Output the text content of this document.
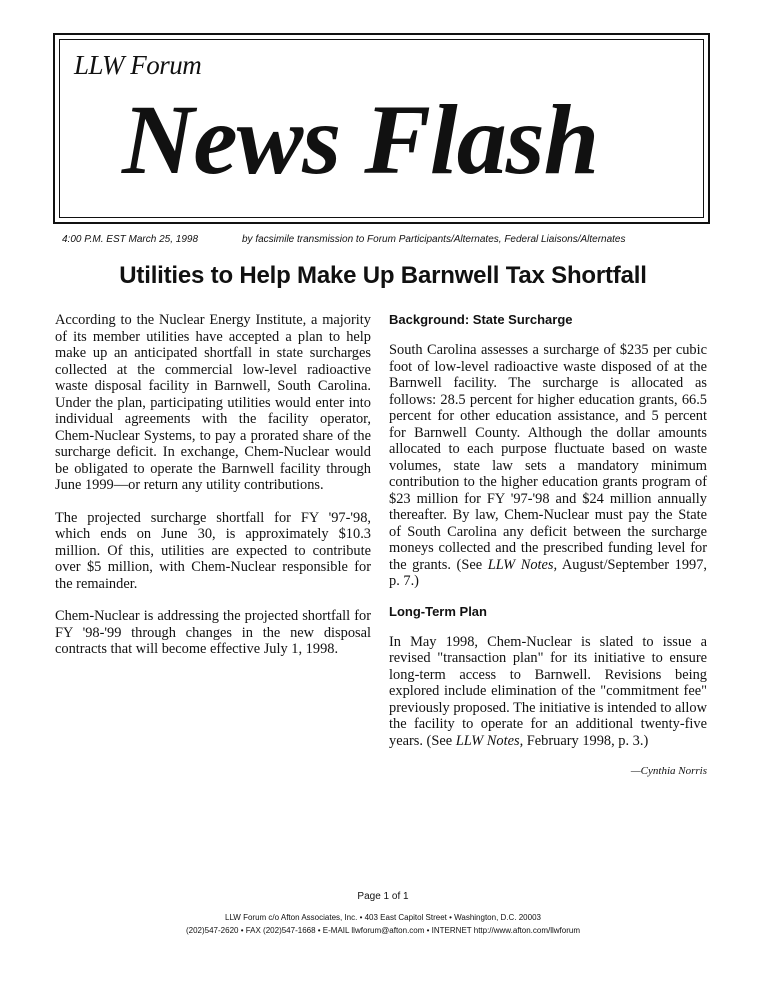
LLW Forum
News Flash
4:00 P.M. EST March 25, 1998	by facsimile transmission to Forum Participants/Alternates, Federal Liaisons/Alternates
Utilities to Help Make Up Barnwell Tax Shortfall

According to the Nuclear Energy Institute, a majority of its member utilities have accepted a plan to help make up an anticipated shortfall in state surcharges collected at the commercial low-level radioactive waste disposal facility in Barnwell, South Carolina. Under the plan, participating utilities would enter into individual agreements with the facility operator, Chem-Nuclear Systems, to pay a prorated share of the surcharge deficit. In exchange, Chem-Nuclear would be obligated to operate the Barnwell facility through June 1999—or return any utility contributions.

The projected surcharge shortfall for FY '97-'98, which ends on June 30, is approximately $10.3 million. Of this, utilities are expected to contribute over $5 million, with Chem-Nuclear responsible for the remainder.

Chem-Nuclear is addressing the projected shortfall for FY '98-'99 through changes in the new disposal contracts that will become effective July 1, 1998.

Background: State Surcharge

South Carolina assesses a surcharge of $235 per cubic foot of low-level radioactive waste disposed of at the Barnwell facility. The surcharge is allocated as follows: 28.5 percent for higher education grants, 66.5 percent for other education assistance, and 5 percent for Barnwell County. Although the dollar amounts allocated to each purpose fluctuate based on waste volumes, state law sets a mandatory minimum contribution to the higher education grants program of $23 million for FY '97-'98 and $24 million annually thereafter. By law, Chem-Nuclear must pay the State of South Carolina any deficit between the surcharge moneys collected and the prescribed funding level for the grants. (See LLW Notes, August/September 1997, p. 7.)

Long-Term Plan

In May 1998, Chem-Nuclear is slated to issue a revised "transaction plan" for its initiative to ensure long-term access to Barnwell. Revisions being explored include elimination of the "commitment fee" previously proposed. The initiative is intended to allow the facility to operate for an additional twenty-five years. (See LLW Notes, February 1998, p. 3.)

—Cynthia Norris
Page 1 of 1
LLW Forum c/o Afton Associates, Inc. • 403 East Capitol Street • Washington, D.C. 20003
(202)547-2620 • FAX (202)547-1668 • E-MAIL llwforum@afton.com • INTERNET http://www.afton.com/llwforum
